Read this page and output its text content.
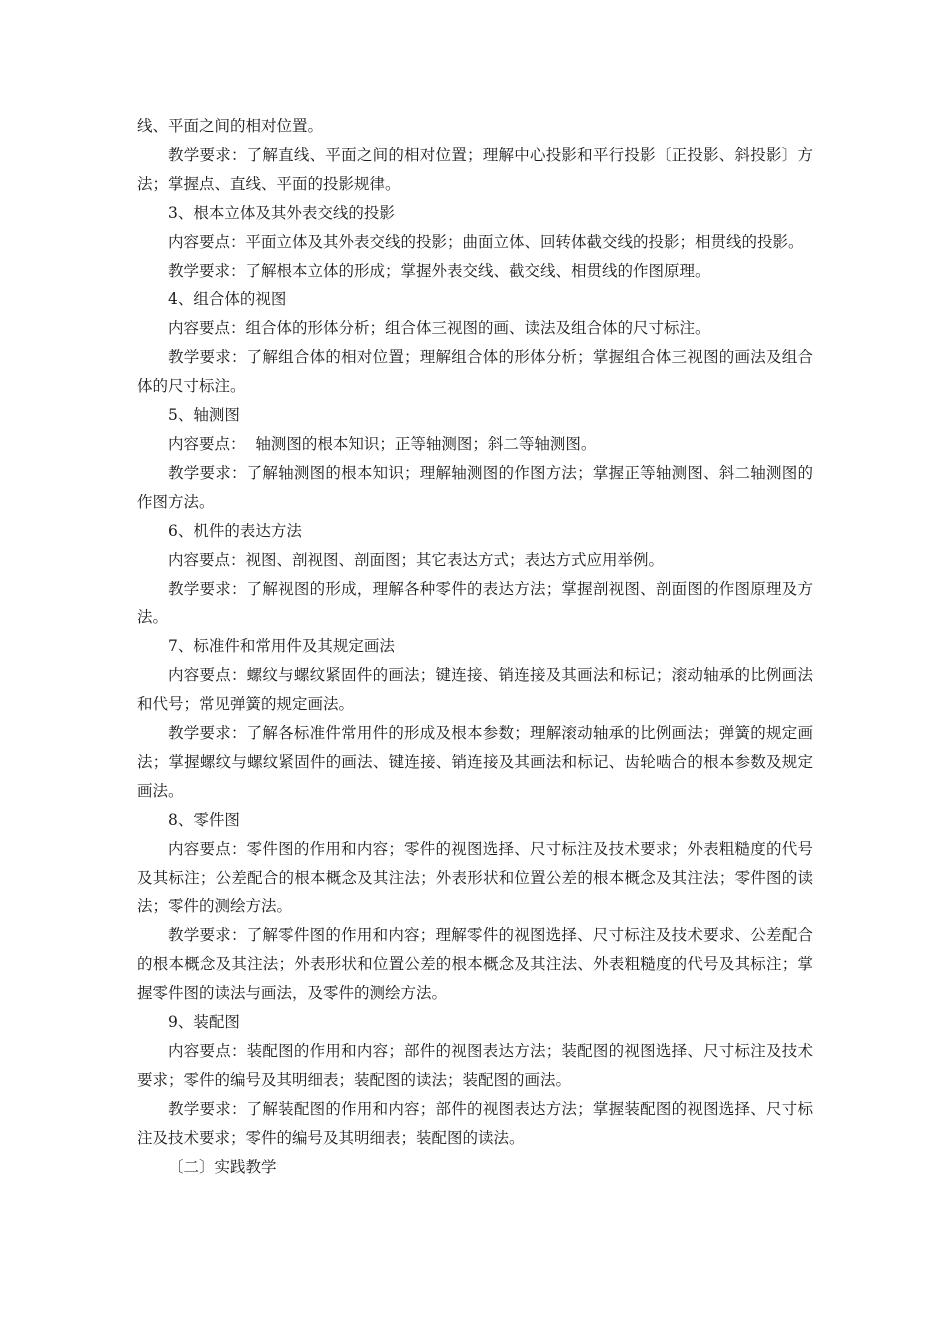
线、平面之间的相对位置。

教学要求：了解直线、平面之间的相对位置；理解中心投影和平行投影〔正投影、斜投影〕方法；掌握点、直线、平面的投影规律。

3、根本立体及其外表交线的投影

内容要点：平面立体及其外表交线的投影；曲面立体、回转体截交线的投影；相贯线的投影。

教学要求：了解根本立体的形成；掌握外表交线、截交线、相贯线的作图原理。

4、组合体的视图

内容要点：组合体的形体分析；组合体三视图的画、读法及组合体的尺寸标注。

教学要求：了解组合体的相对位置；理解组合体的形体分析；掌握组合体三视图的画法及组合体的尺寸标注。

5、轴测图

内容要点：  轴测图的根本知识；正等轴测图；斜二等轴测图。

教学要求：了解轴测图的根本知识；理解轴测图的作图方法；掌握正等轴测图、斜二轴测图的作图方法。

6、机件的表达方法

内容要点：视图、剖视图、剖面图；其它表达方式；表达方式应用举例。

教学要求：了解视图的形成，理解各种零件的表达方法；掌握剖视图、剖面图的作图原理及方法。

7、标准件和常用件及其规定画法

内容要点：螺纹与螺纹紧固件的画法；键连接、销连接及其画法和标记；滚动轴承的比例画法和代号；常见弹簧的规定画法。

教学要求：了解各标准件常用件的形成及根本参数；理解滚动轴承的比例画法；弹簧的规定画法；掌握螺纹与螺纹紧固件的画法、键连接、销连接及其画法和标记、齿轮啮合的根本参数及规定画法。

8、零件图

内容要点：零件图的作用和内容；零件的视图选择、尺寸标注及技术要求；外表粗糙度的代号及其标注；公差配合的根本概念及其注法；外表形状和位置公差的根本概念及其注法；零件图的读法；零件的测绘方法。

教学要求：了解零件图的作用和内容；理解零件的视图选择、尺寸标注及技术要求、公差配合的根本概念及其注法；外表形状和位置公差的根本概念及其注法、外表粗糙度的代号及其标注；掌握零件图的读法与画法，及零件的测绘方法。

9、装配图

内容要点：装配图的作用和内容；部件的视图表达方法；装配图的视图选择、尺寸标注及技术要求；零件的编号及其明细表；装配图的读法；装配图的画法。

教学要求：了解装配图的作用和内容；部件的视图表达方法；掌握装配图的视图选择、尺寸标注及技术要求；零件的编号及其明细表；装配图的读法。

〔二〕实践教学
